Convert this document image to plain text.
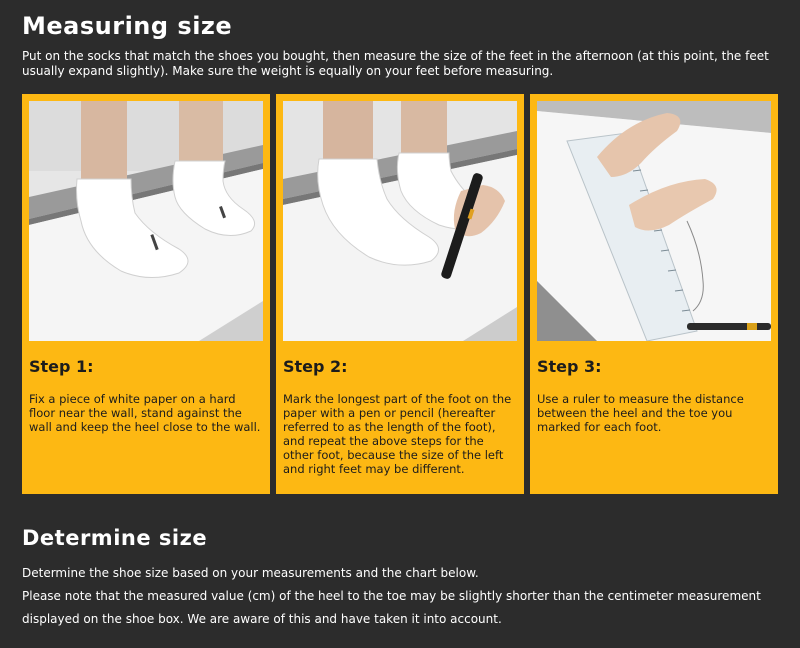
Measuring size
Put on the socks that match the shoes you bought, then measure the size of the feet in the afternoon (at this point, the feet usually expand slightly). Make sure the weight is equally on your feet before measuring.
Step 1:
Fix a piece of white paper on a hard floor near the wall, stand against the wall and keep the heel close to the wall.
Step 2:
Mark the longest part of the foot on the paper with a pen or pencil (hereafter referred to as the length of the foot), and repeat the above steps for the other foot, because the size of the left and right feet may be different.
Step 3:
Use a ruler to measure the distance between the heel and the toe you marked for each foot.
Determine size

Determine the shoe size based on your measurements and the chart below.

Please note that the measured value (cm) of the heel to the toe may be slightly shorter than the centimeter measurement displayed on the shoe box. We are aware of this and have taken it into account.
